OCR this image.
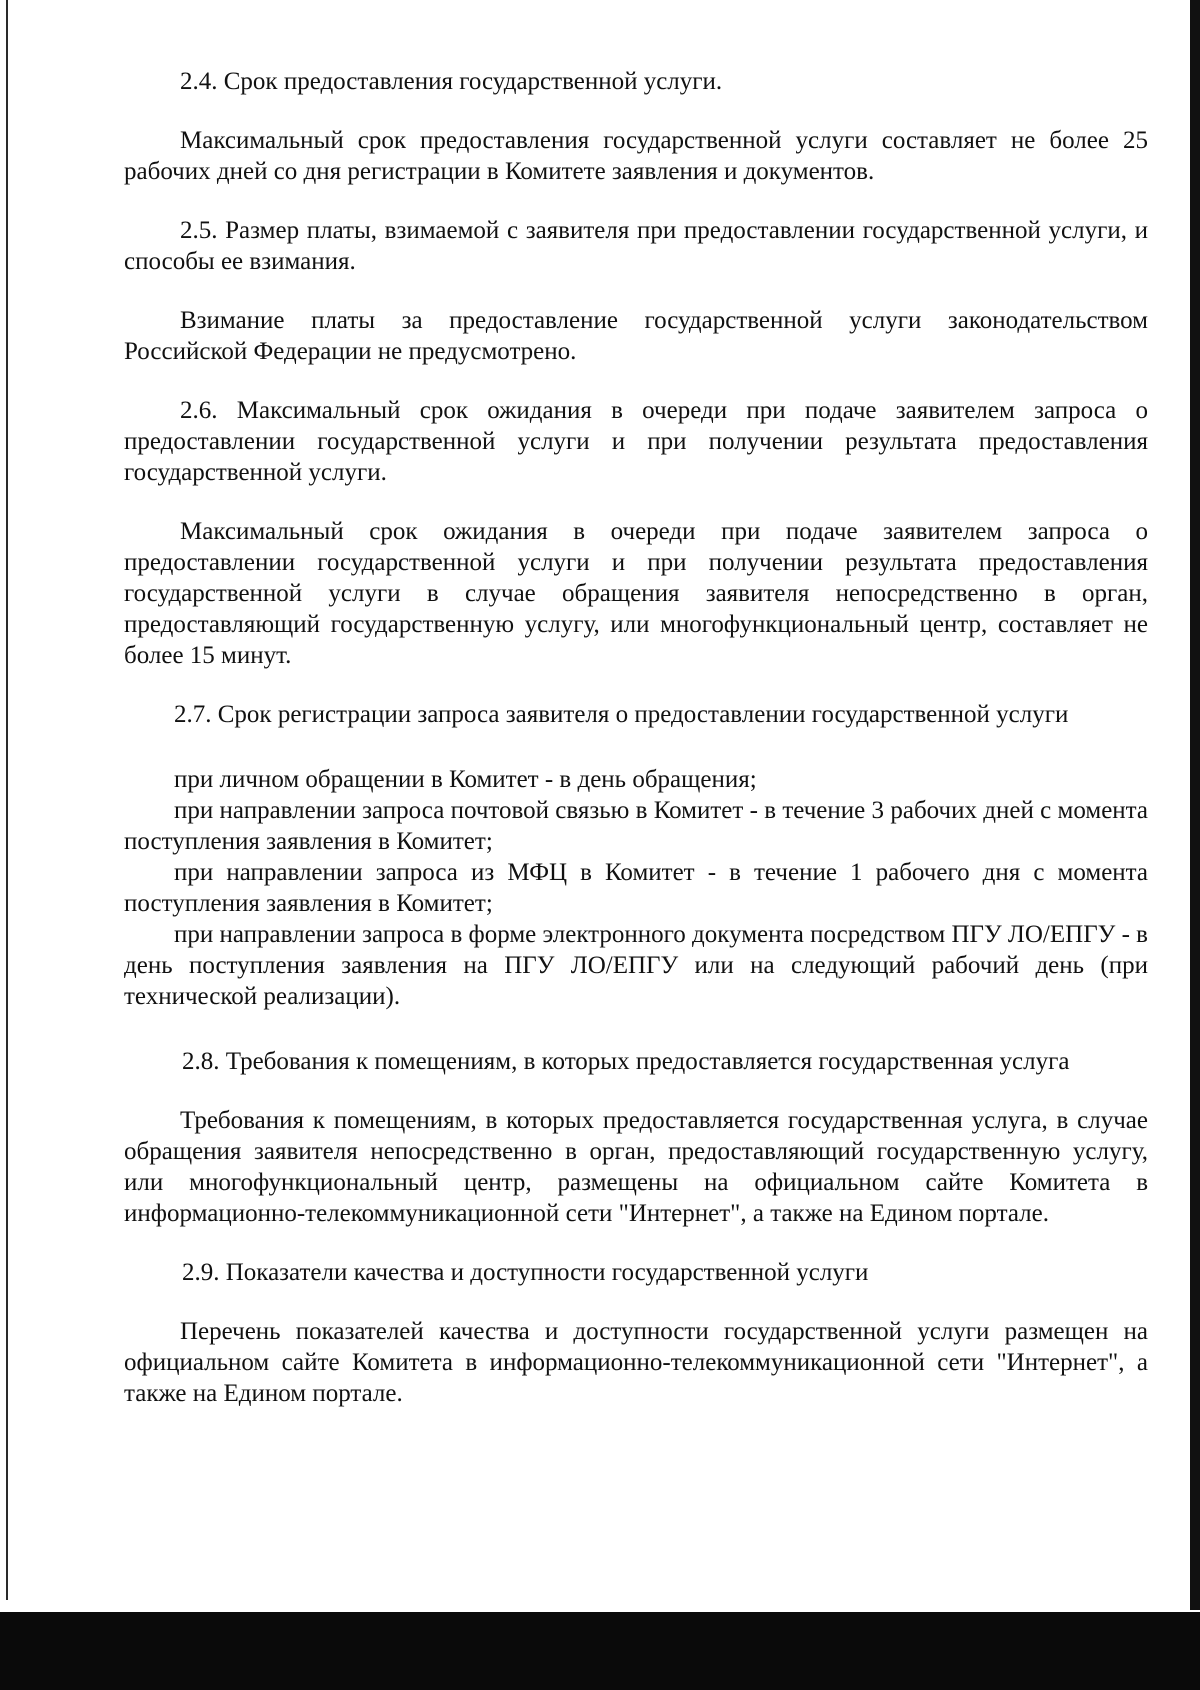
2.4. Срок предоставления государственной услуги.

Максимальный срок предоставления государственной услуги составляет не более 25 рабочих дней со дня регистрации в Комитете заявления и документов.

2.5. Размер платы, взимаемой с заявителя при предоставлении государственной услуги, и способы ее взимания.

Взимание платы за предоставление государственной услуги законодательством Российской Федерации не предусмотрено.

2.6. Максимальный срок ожидания в очереди при подаче заявителем запроса о предоставлении государственной услуги и при получении результата предоставления государственной услуги.

Максимальный срок ожидания в очереди при подаче заявителем запроса о предоставлении государственной услуги и при получении результата предоставления государственной услуги в случае обращения заявителя непосредственно в орган, предоставляющий государственную услугу, или многофункциональный центр, составляет не более 15 минут.

2.7. Срок регистрации запроса заявителя о предоставлении государственной услуги

при личном обращении в Комитет - в день обращения;

при направлении запроса почтовой связью в Комитет - в течение 3 рабочих дней с момента поступления заявления в Комитет;

при направлении запроса из МФЦ в Комитет - в течение 1 рабочего дня с момента поступления заявления в Комитет;

при направлении запроса в форме электронного документа посредством ПГУ ЛО/ЕПГУ - в день поступления заявления на ПГУ ЛО/ЕПГУ или на следующий рабочий день (при технической реализации).

2.8. Требования к помещениям, в которых предоставляется государственная услуга

Требования к помещениям, в которых предоставляется государственная услуга, в случае обращения заявителя непосредственно в орган, предоставляющий государственную услугу, или многофункциональный центр, размещены на официальном сайте Комитета в информационно-телекоммуникационной сети "Интернет", а также на Едином портале.

2.9. Показатели качества и доступности государственной услуги

Перечень показателей качества и доступности государственной услуги размещен на официальном сайте Комитета в информационно-телекоммуникационной сети "Интернет", а также на Едином портале.
